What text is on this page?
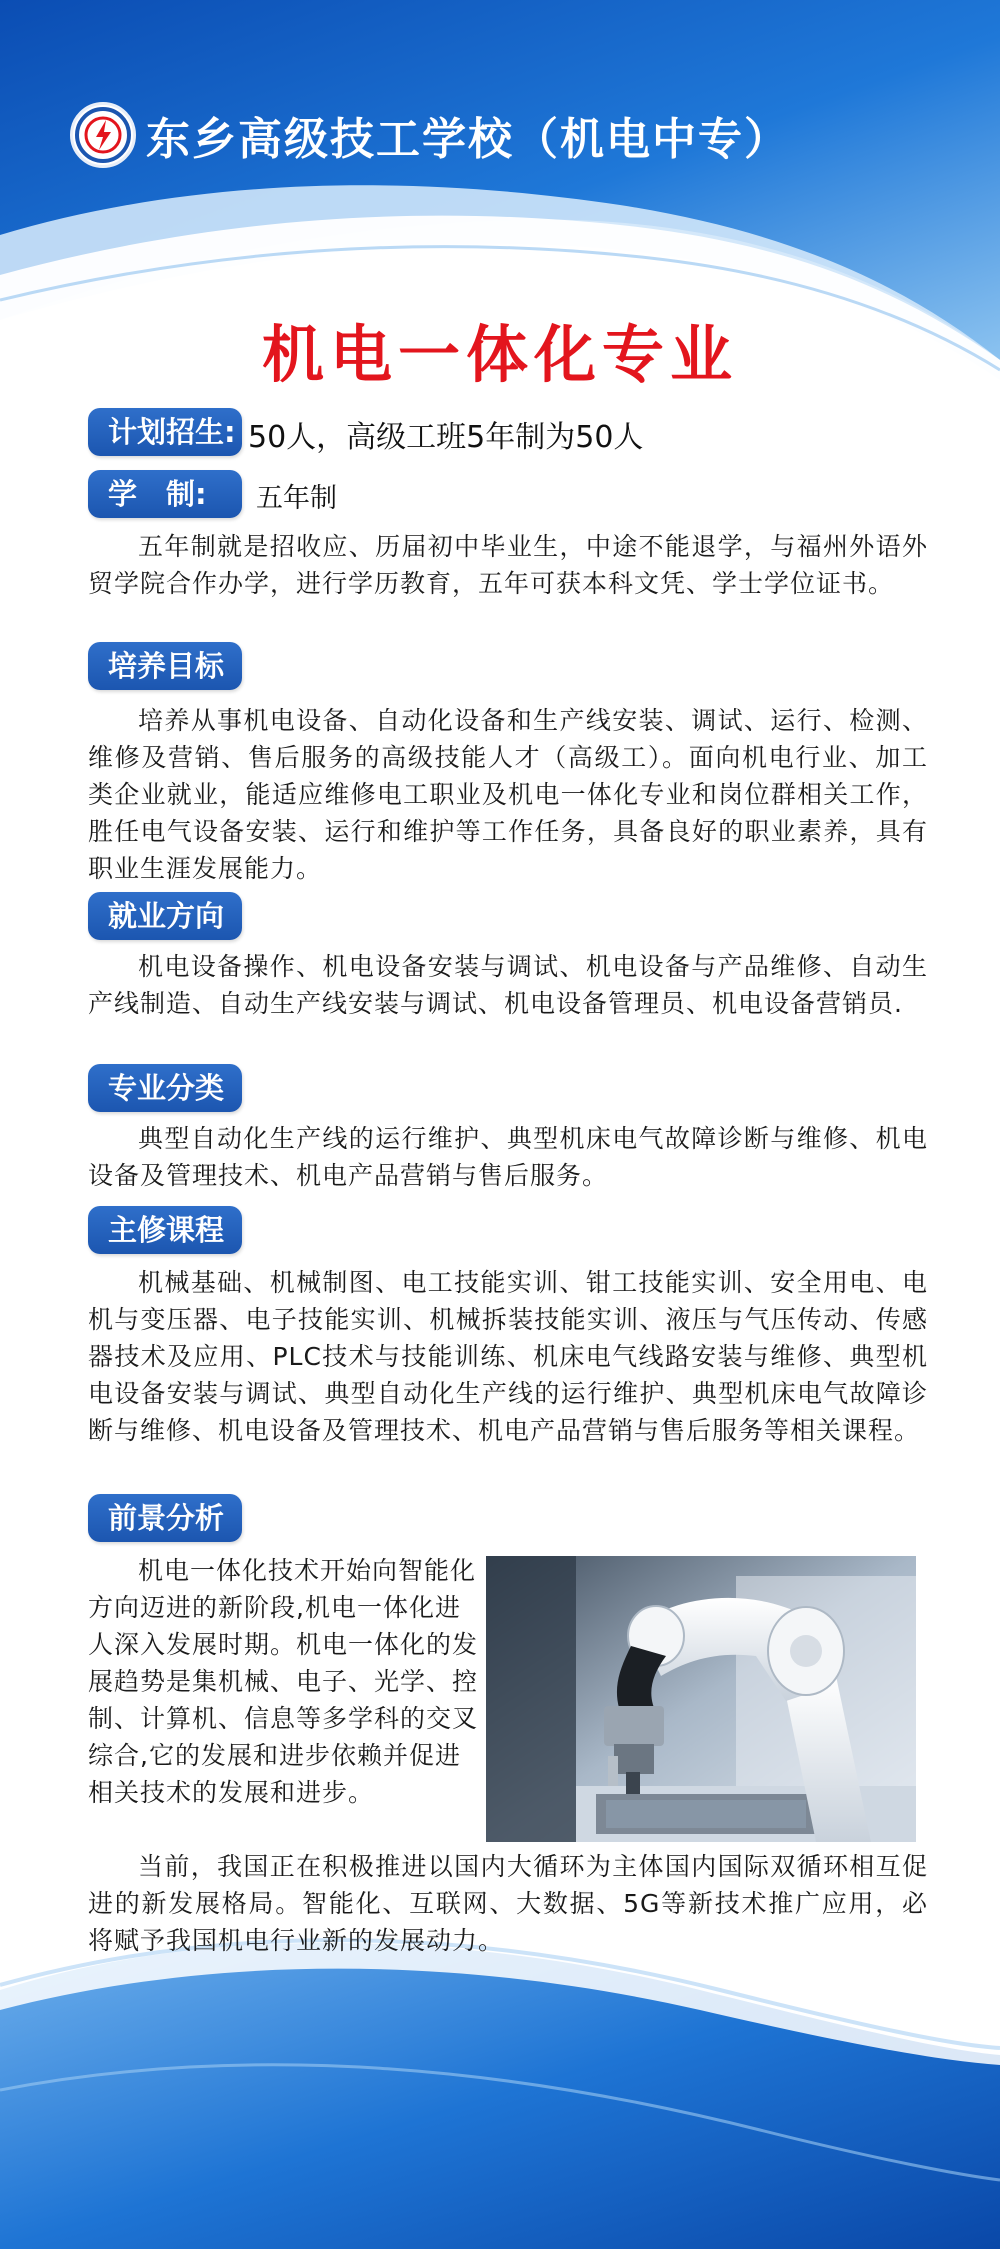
东乡高级技工学校（机电中专）
机电一体化专业
计划招生: 50人，高级工班5年制为50人
学　制:	五年制

五年制就是招收应、历届初中毕业生，中途不能退学，与福州外语外贸学院合作办学，进行学历教育，五年可获本科文凭、学士学位证书。

培养目标

培养从事机电设备、自动化设备和生产线安装、调试、运行、检测、维修及营销、售后服务的高级技能人才（高级工）。面向机电行业、加工类企业就业，能适应维修电工职业及机电一体化专业和岗位群相关工作，胜任电气设备安装、运行和维护等工作任务，具备良好的职业素养，具有职业生涯发展能力。

就业方向

机电设备操作、机电设备安装与调试、机电设备与产品维修、自动生产线制造、自动生产线安装与调试、机电设备管理员、机电设备营销员.

专业分类

典型自动化生产线的运行维护、典型机床电气故障诊断与维修、机电设备及管理技术、机电产品营销与售后服务。

主修课程

机械基础、机械制图、电工技能实训、钳工技能实训、安全用电、电机与变压器、电子技能实训、机械拆装技能实训、液压与气压传动、传感器技术及应用、PLC技术与技能训练、机床电气线路安装与维修、典型机电设备安装与调试、典型自动化生产线的运行维护、典型机床电气故障诊断与维修、机电设备及管理技术、机电产品营销与售后服务等相关课程。

前景分析

机电一体化技术开始向智能化方向迈进的新阶段,机电一体化进人深入发展时期。机电一体化的发展趋势是集机械、电子、光学、控制、计算机、信息等多学科的交叉综合,它的发展和进步依赖并促进相关技术的发展和进步。

当前，我国正在积极推进以国内大循环为主体国内国际双循环相互促进的新发展格局。智能化、互联网、大数据、5G等新技术推广应用，必将赋予我国机电行业新的发展动力。
